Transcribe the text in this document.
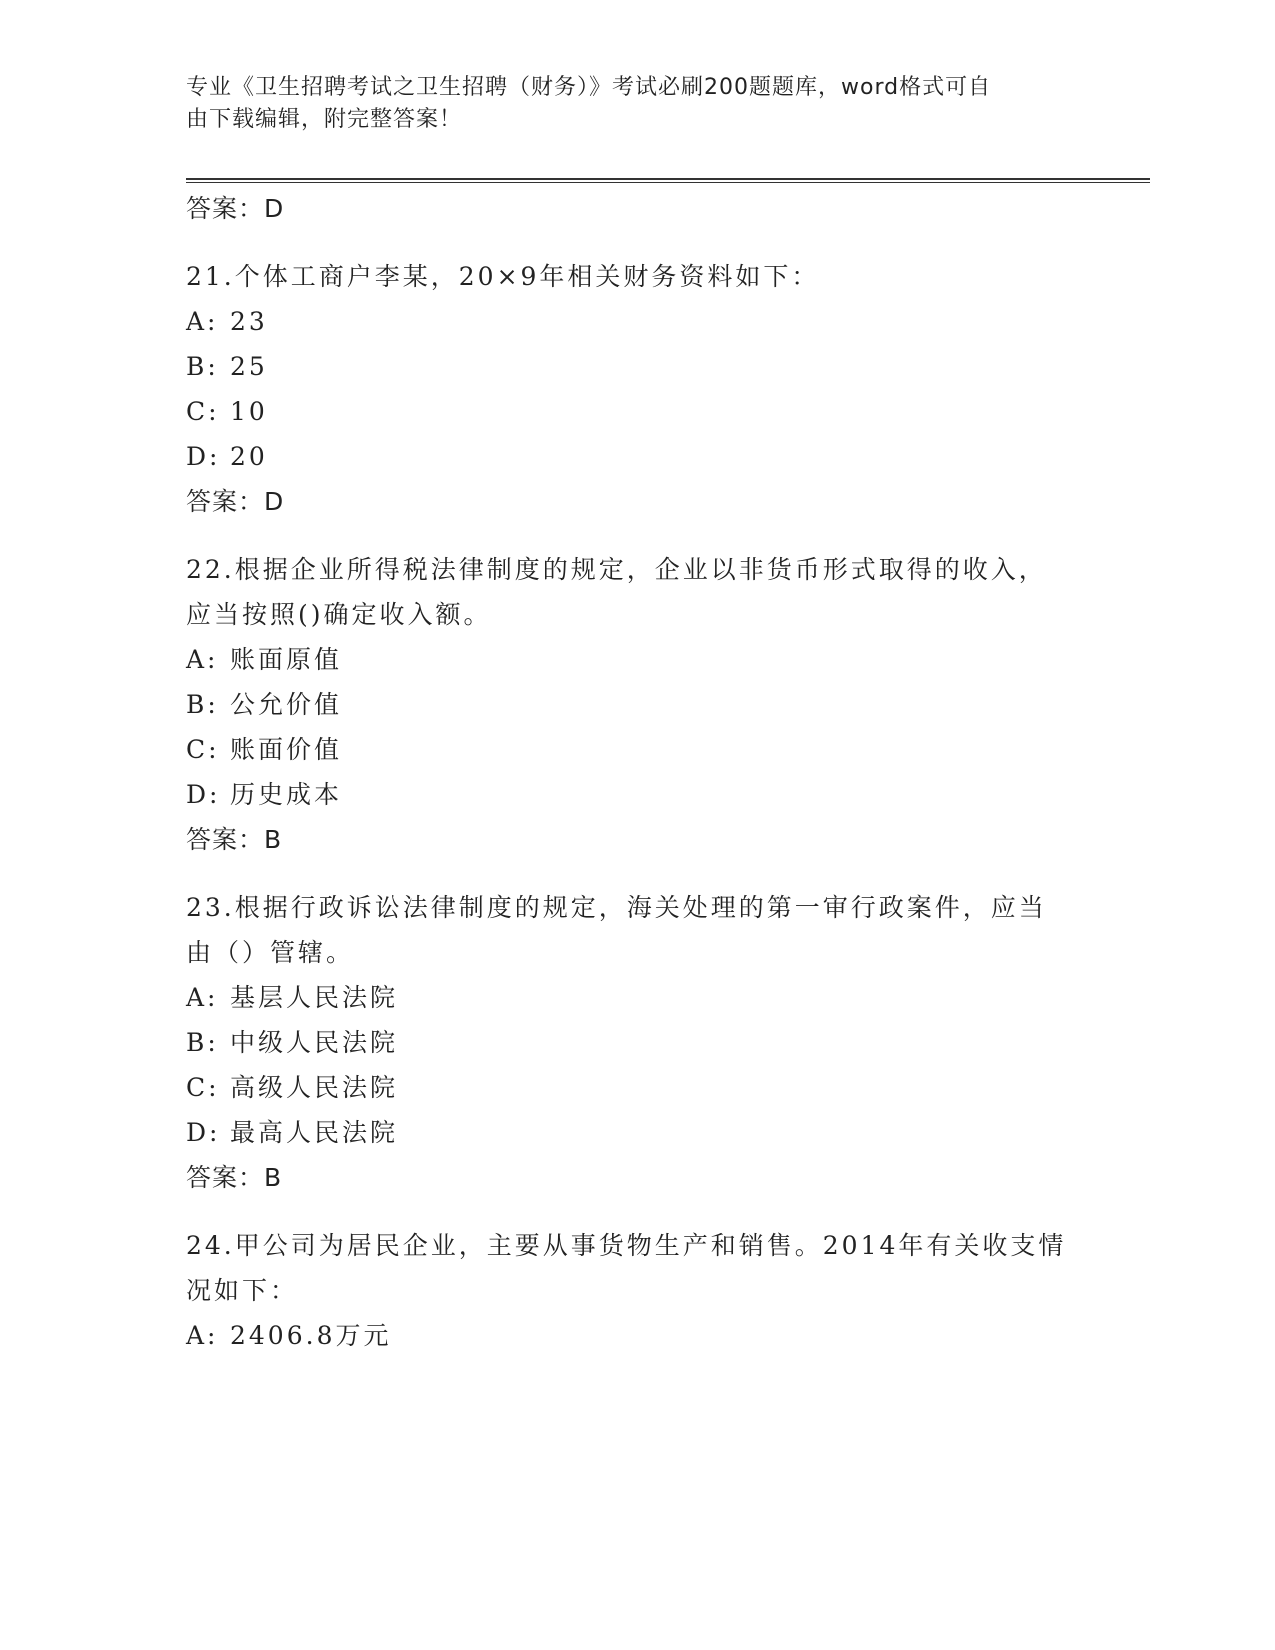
专业《卫生招聘考试之卫生招聘（财务）》考试必刷200题题库，word格式可自
由下载编辑，附完整答案！
答案：D
21.个体工商户李某，20×9年相关财务资料如下：
A: 23
B: 25
C: 10
D: 20
答案：D
22.根据企业所得税法律制度的规定，企业以非货币形式取得的收入，
应当按照()确定收入额。
A: 账面原值
B: 公允价值
C: 账面价值
D: 历史成本
答案：B
23.根据行政诉讼法律制度的规定，海关处理的第一审行政案件，应当
由（）管辖。
A: 基层人民法院
B: 中级人民法院
C: 高级人民法院
D: 最高人民法院
答案：B
24.甲公司为居民企业，主要从事货物生产和销售。2014年有关收支情
况如下：
A: 2406.8万元
